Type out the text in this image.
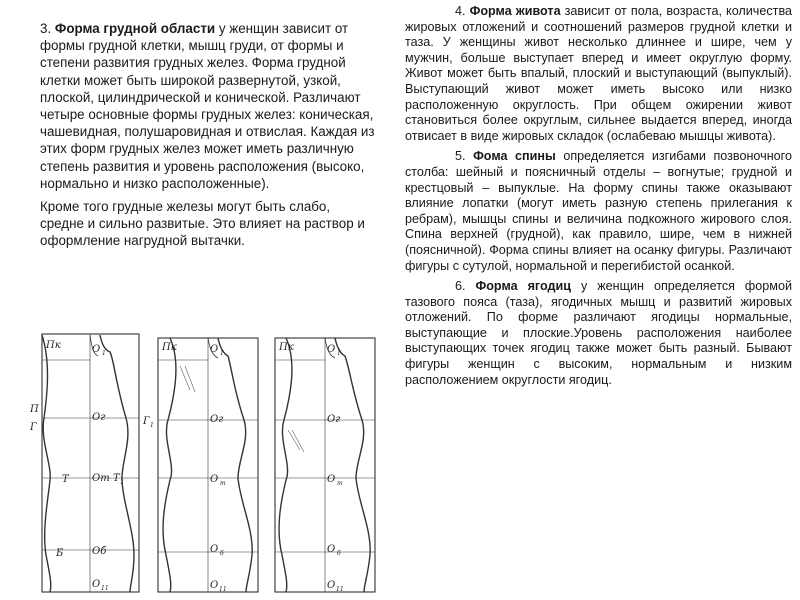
3. Форма грудной области у женщин зависит от формы грудной клетки, мышц груди, от формы и степени развития грудных желез. Форма грудной клетки может быть широкой развернутой, узкой, плоской, цилиндрической и конической. Различают четыре основные формы грудных желез: коническая, чашевидная, полушаровидная и отвислая. Каждая из этих форм грудных желез может иметь различную степень развития и уровень расположения (высоко, нормально и низко расположенные).

Кроме того грудные железы могут быть слабо, средне и сильно развитые. Это влияет на раствор и оформление нагрудной вытачки.

4. Форма живота зависит от пола, возраста, количества жировых отложений и соотношений размеров грудной клетки и таза. У женщины живот несколько длиннее и шире, чем у мужчин, больше выступает вперед и имеет округлую форму. Живот может быть впалый, плоский и выступающий (выпуклый). Выступающий живот может иметь высоко или низко расположенную округлость. При общем ожирении живот становиться более округлым, сильнее выдается вперед, иногда отвисает в виде жировых складок (ослабеваю мышцы живота).

5. Фома спины определяется изгибами позвоночного столба: шейный и поясничный отделы – вогнутые; грудной и крестцовый – выпуклые. На форму спины также оказывают влияние лопатки (могут иметь разную степень прилегания к ребрам), мышцы спины и величина подкожного жирового слоя. Спина верхней (грудной), как правило, шире, чем в нижней (поясничной). Форма спины влияет на осанку фигуры. Различают фигуры с сутулой, нормальной и перегибистой осанкой.

6. Форма ягодиц у женщин определяется формой тазового пояса (таза), ягодичных мышц и развитий жировых отложений. По форме различают ягодицы нормальные, выступающие и плоские.Уровень расположения наиболее выступающих точек ягодиц также может быть разный. Бывают фигуры женщин с высоким, нормальным и низким расположением округлости ягодиц.

Пк	О 1
Ог
От Т 1
Об
О 11
П
Г
Т
Б
Г 1
Пк	О 1
Ог
О т
О б
О 11
Пк	О 1
Ог
О т
О б
О 11
